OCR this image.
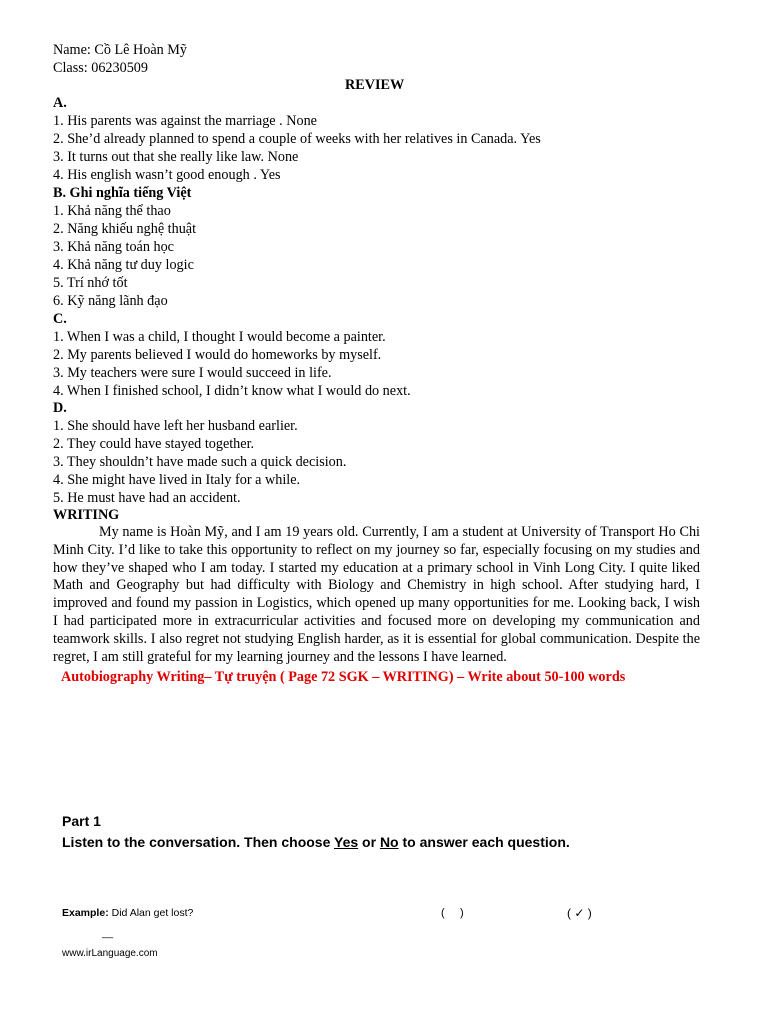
Name: Cồ Lê Hoàn Mỹ
Class: 06230509
REVIEW
A.
1. His parents was against the marriage . None
2. She’d already planned to spend a couple of weeks with her relatives in Canada. Yes
3. It turns out that she really like law. None
4. His english wasn’t good enough . Yes
B. Ghi nghĩa tiếng Việt
1. Khả năng thể thao
2. Năng khiếu nghệ thuật
3. Khả năng toán học
4. Khả năng tư duy logic
5. Trí nhớ tốt
6. Kỹ năng lãnh đạo
C.
1. When I was a child, I thought I would become a painter.
2. My parents believed I would do homeworks by myself.
3. My teachers were sure I would succeed in life.
4. When I finished school, I didn’t know what I would do next.
D.
1. She should have left her husband earlier.
2. They could have stayed together.
3. They shouldn’t have made such a quick decision.
4. She might have lived in Italy for a while.
5. He must have had an accident.
WRITING
My name is Hoàn Mỹ, and I am 19 years old. Currently, I am a student at University of Transport Ho Chi Minh City. I’d like to take this opportunity to reflect on my journey so far, especially focusing on my studies and how they’ve shaped who I am today. I started my education at a primary school in Vinh Long City. I quite liked Math and Geography but had difficulty with Biology and Chemistry in high school. After studying hard, I improved and found my passion in Logistics, which opened up many opportunities for me. Looking back, I wish I had participated more in extracurricular activities and focused more on developing my communication and teamwork skills. I also regret not studying English harder, as it is essential for global communication. Despite the regret, I am still grateful for my learning journey and the lessons I have learned.
Autobiography Writing– Tự truyện ( Page 72 SGK – WRITING) – Write about 50-100 words
Part 1
Listen to the conversation. Then choose Yes or No to answer each question.
Example: Did Alan get lost?	(     )	( ✓ )
__
www.irLanguage.com
